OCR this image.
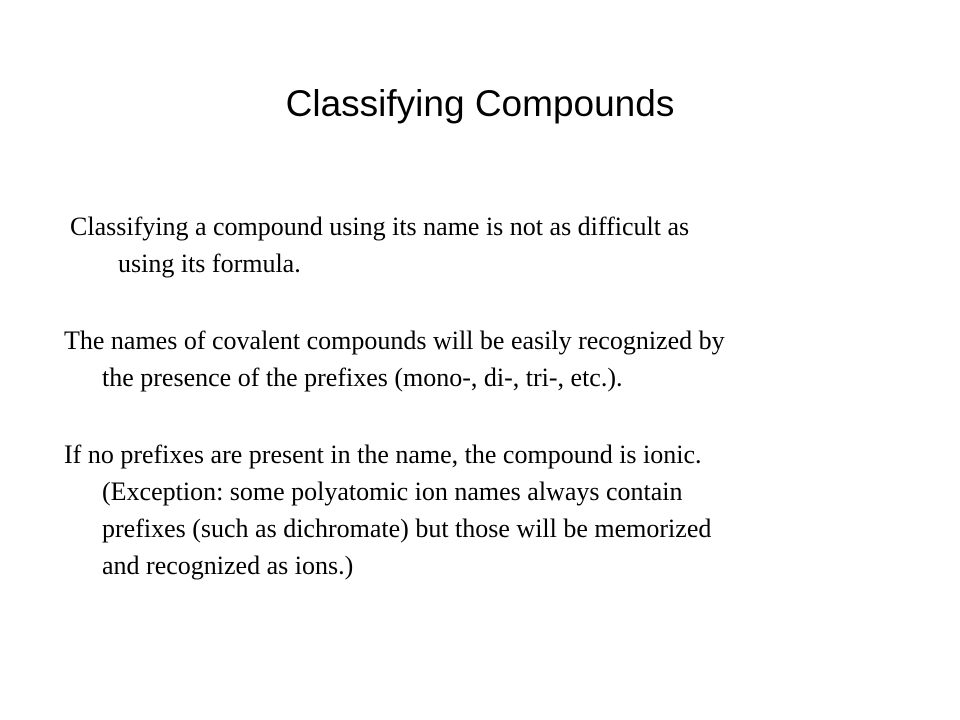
Classifying Compounds

Classifying a compound using its name is not as difficult as
using its formula.

The names of covalent compounds will be easily recognized by
the presence of the prefixes (mono-, di-, tri-, etc.).

If no prefixes are present in the name, the compound is ionic.
(Exception: some polyatomic ion names always contain
prefixes (such as dichromate) but those will be memorized
and recognized as ions.)
